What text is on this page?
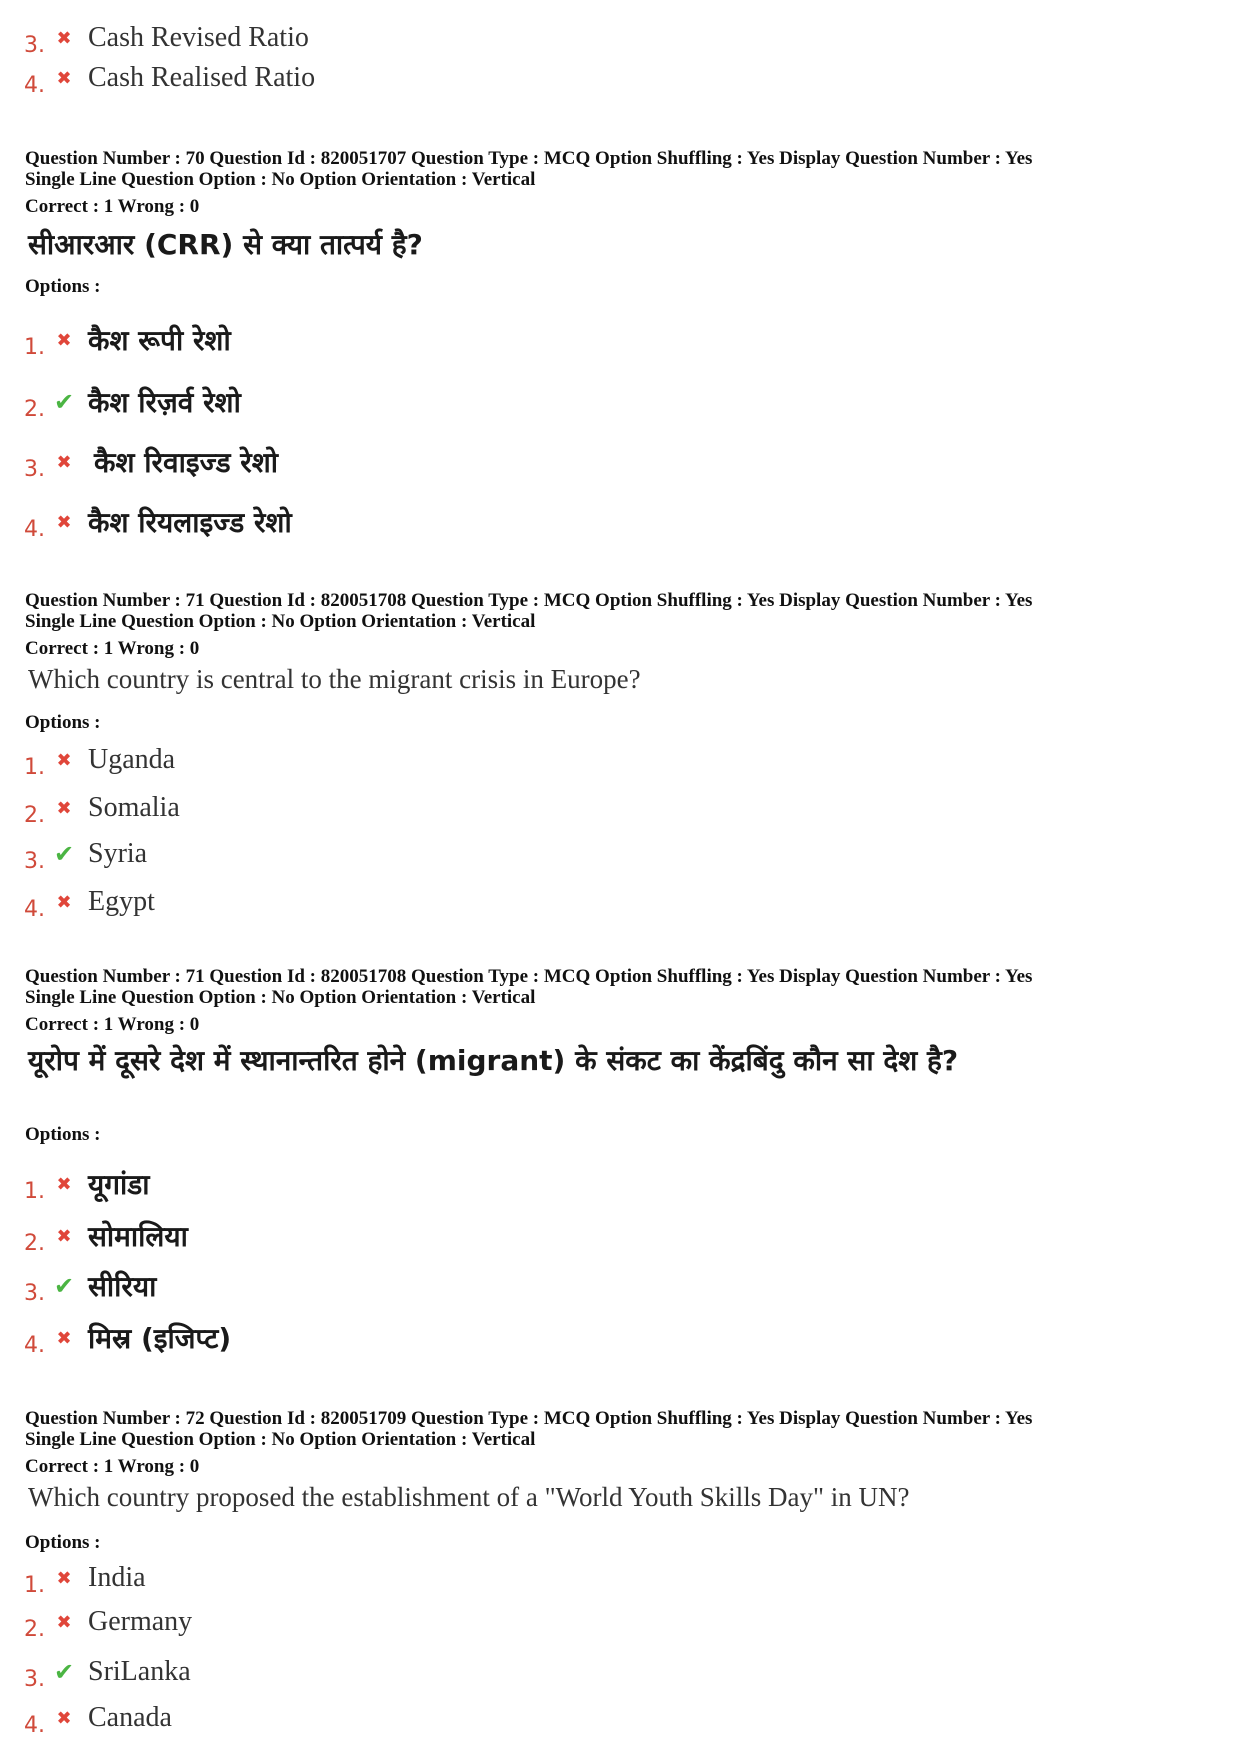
3. ✖ Cash Revised Ratio
4. ✖ Cash Realised Ratio
Question Number : 70 Question Id : 820051707 Question Type : MCQ Option Shuffling : Yes Display Question Number : Yes
Single Line Question Option : No Option Orientation : Vertical
Correct : 1 Wrong : 0
सीआरआर (CRR) से क्या तात्पर्य है?
Options :
1. ✖ कैश रूपी रेशो
2. ✔ कैश रिज़र्व रेशो
3. ✖ कैश रिवाइज्ड रेशो
4. ✖ कैश रियलाइज्ड रेशो
Question Number : 71 Question Id : 820051708 Question Type : MCQ Option Shuffling : Yes Display Question Number : Yes
Single Line Question Option : No Option Orientation : Vertical
Correct : 1 Wrong : 0
Which country is central to the migrant crisis in Europe?
Options :
1. ✖ Uganda
2. ✖ Somalia
3. ✔ Syria
4. ✖ Egypt
Question Number : 71 Question Id : 820051708 Question Type : MCQ Option Shuffling : Yes Display Question Number : Yes
Single Line Question Option : No Option Orientation : Vertical
Correct : 1 Wrong : 0
यूरोप में दूसरे देश में स्थानान्तरित होने (migrant) के संकट का केंद्रबिंदु कौन सा देश है?
Options :
1. ✖ यूगांडा
2. ✖ सोमालिया
3. ✔ सीरिया
4. ✖ मिस्र (इजिप्ट)
Question Number : 72 Question Id : 820051709 Question Type : MCQ Option Shuffling : Yes Display Question Number : Yes
Single Line Question Option : No Option Orientation : Vertical
Correct : 1 Wrong : 0
Which country proposed the establishment of a "World Youth Skills Day" in UN?
Options :
1. ✖ India
2. ✖ Germany
3. ✔ SriLanka
4. ✖ Canada
